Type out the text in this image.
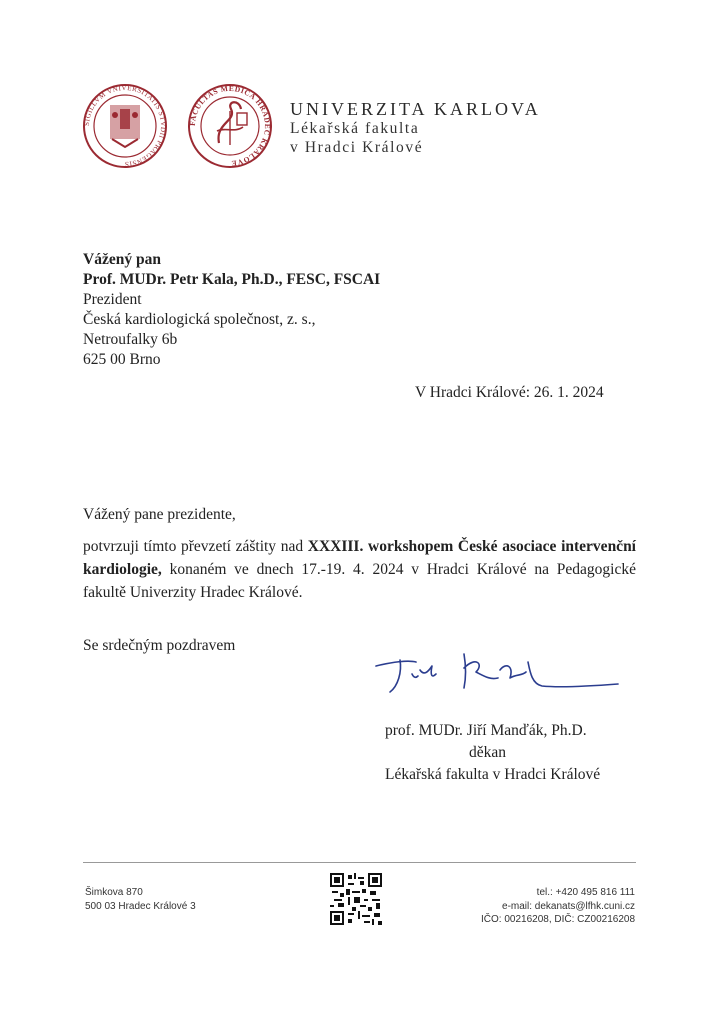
SIGILLVM VNIVERSITATIS STVDII PRAGENSIS
FACULTAS MEDICA HRADEC KRÁLOVÉ
UNIVERZITA KARLOVA
Lékařská fakulta
v Hradci Králové
Vážený pan
Prof. MUDr. Petr Kala, Ph.D., FESC, FSCAI
Prezident
Česká kardiologická společnost, z. s.,
Netroufalky 6b
625 00 Brno
V Hradci Králové: 26. 1. 2024
Vážený pane prezidente,
potvrzuji tímto převzetí záštity nad XXXIII. workshopem České asociace intervenční kardiologie, konaném ve dnech 17.-19. 4. 2024 v Hradci Králové na Pedagogické fakultě Univerzity Hradec Králové.
Se srdečným pozdravem
prof. MUDr. Jiří Manďák, Ph.D.
děkan
Lékařská fakulta v Hradci Králové
Šimkova 870
500 03 Hradec Králové 3
tel.: +420 495 816 111
e-mail: dekanats@lfhk.cuni.cz
IČO: 00216208, DIČ: CZ00216208
